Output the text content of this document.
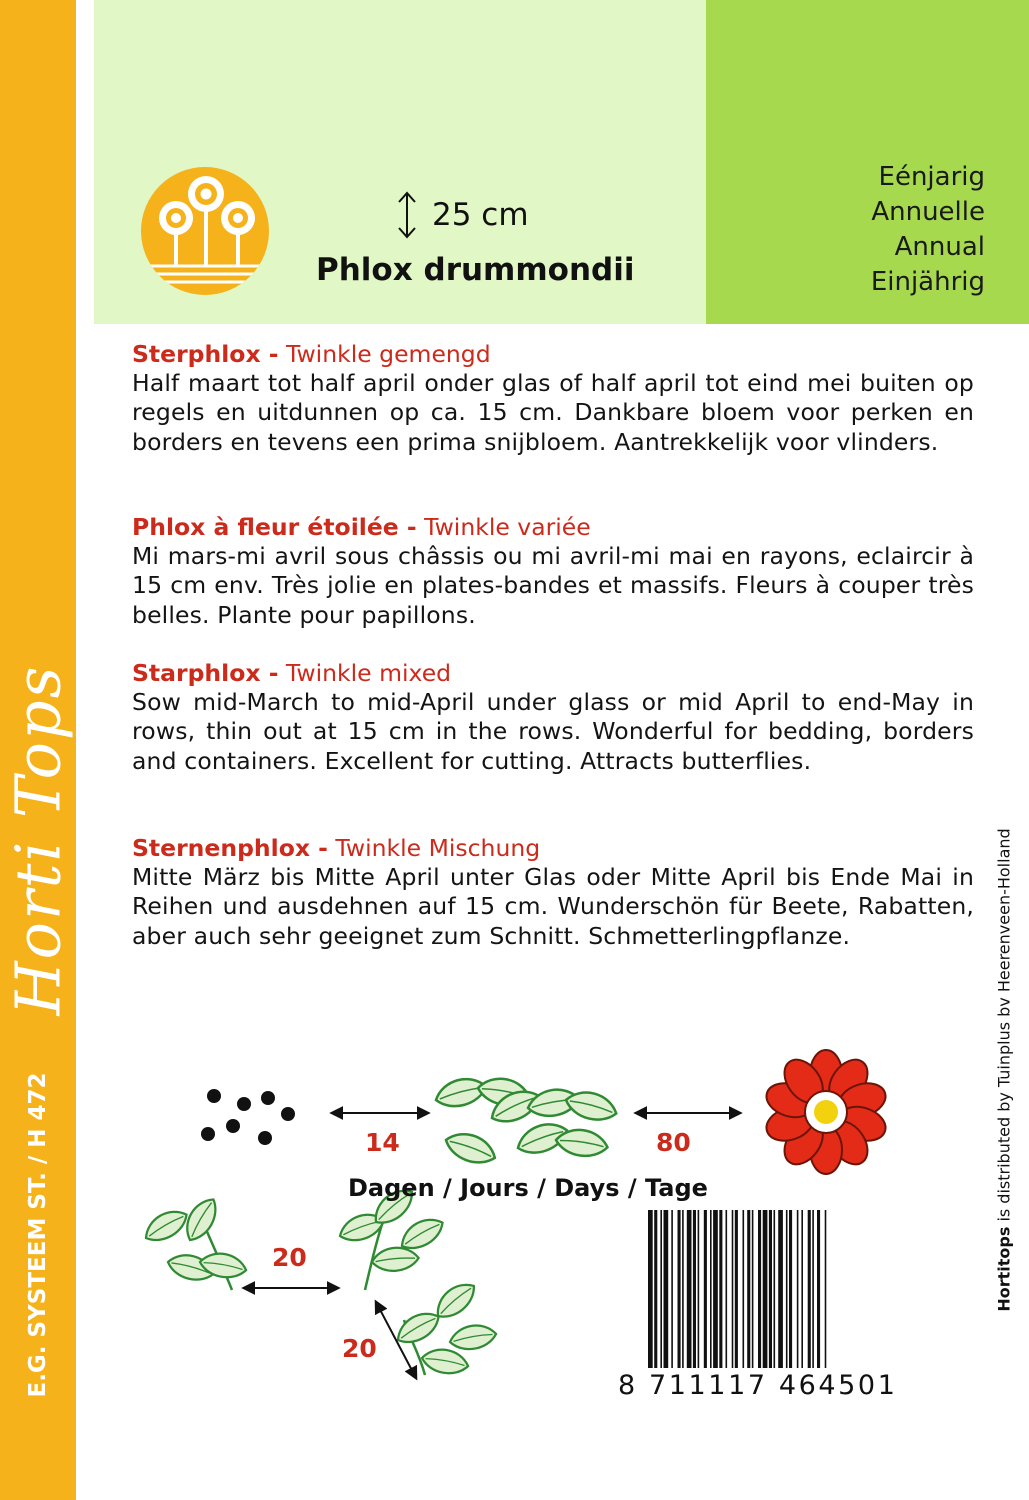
Horti Tops
E.G. SYSTEEM ST. / H 472
Eénjarig
Annuelle
Annual
Einjährig
25 cm
Phlox drummondii
Sterphlox - Twinkle gemengd

Half maart tot half april onder glas of half april tot eind mei buiten op regels en uitdunnen op ca. 15 cm. Dankbare bloem voor perken en borders en tevens een prima snijbloem. Aantrekkelijk voor vlinders.

Phlox à fleur étoilée - Twinkle variée

Mi mars-mi avril sous châssis ou mi avril-mi mai en rayons, eclaircir à 15 cm env. Très jolie en plates-bandes et massifs. Fleurs à couper très belles. Plante pour papillons.

Starphlox - Twinkle mixed

Sow mid-March to mid-April under glass or mid April to end-May in rows, thin out at 15 cm in the rows. Wonderful for bedding, borders and containers. Excellent for cutting. Attracts butterflies.

Sternenphlox - Twinkle Mischung

Mitte März bis Mitte April unter Glas oder Mitte April bis Ende Mai in Reihen und ausdehnen auf 15 cm. Wunderschön für Beete, Rabatten, aber auch sehr geeignet zum Schnitt. Schmetterlingpflanze.

14	80
Dagen / Jours / Days / Tage
20
20
8 711117 464501
Hortitops is distributed by Tuinplus bv Heerenveen-Holland
